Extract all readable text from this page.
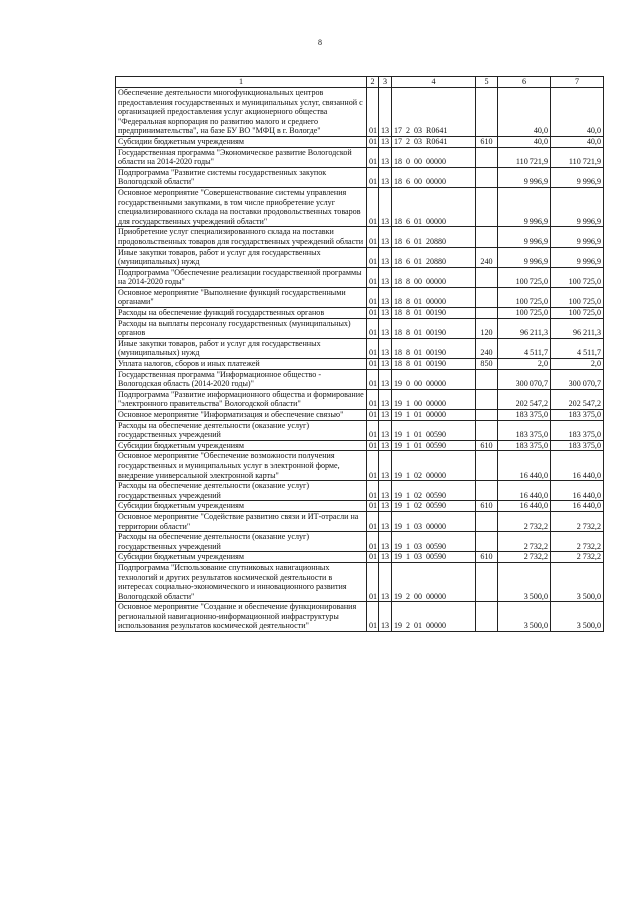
8
1	2	3	4	5	6	7
Обеспечение деятельности многофункциональных центров предоставления государственных и муниципальных услуг, связанной с организацией предоставления услуг акционерного общества "Федеральная корпорация по развитию малого и среднего предпринимательства", на базе БУ ВО "МФЦ в г. Вологде"	01	13	17  2  03  R0641		40,0	40,0
Субсидии бюджетным учреждениям	01	13	17  2  03  R0641	610	40,0	40,0
Государственная программа "Экономическое развитие Вологодской области на 2014-2020 годы"	01	13	18  0  00  00000		110 721,9	110 721,9
Подпрограмма "Развитие системы государственных закупок Вологодской области"	01	13	18  6  00  00000		9 996,9	9 996,9
Основное мероприятие "Совершенствование системы управления государственными закупками, в том числе приобретение услуг специализированного склада на поставки продовольственных товаров для государственных учреждений области"	01	13	18  6  01  00000		9 996,9	9 996,9
Приобретение услуг специализированного склада на поставки продовольственных товаров для государственных учреждений области	01	13	18  6  01  20880		9 996,9	9 996,9
Иные закупки товаров, работ и услуг для государственных (муниципальных) нужд	01	13	18  6  01  20880	240	9 996,9	9 996,9
Подпрограмма "Обеспечение реализации государственной программы на 2014-2020 годы"	01	13	18  8  00  00000		100 725,0	100 725,0
Основное мероприятие "Выполнение функций государственными органами"	01	13	18  8  01  00000		100 725,0	100 725,0
Расходы на обеспечение функций государственных органов	01	13	18  8  01  00190		100 725,0	100 725,0
Расходы на выплаты персоналу государственных (муниципальных) органов	01	13	18  8  01  00190	120	96 211,3	96 211,3
Иные закупки товаров, работ и услуг для государственных (муниципальных) нужд	01	13	18  8  01  00190	240	4 511,7	4 511,7
Уплата налогов, сборов и иных платежей	01	13	18  8  01  00190	850	2,0	2,0
Государственная программа "Информационное общество - Вологодская область (2014-2020 годы)"	01	13	19  0  00  00000		300 070,7	300 070,7
Подпрограмма "Развитие информационного общества и формирование "электронного правительства" Вологодской области"	01	13	19  1  00  00000		202 547,2	202 547,2
Основное мероприятие "Информатизация и обеспечение связью"	01	13	19  1  01  00000		183 375,0	183 375,0
Расходы на обеспечение деятельности (оказание услуг) государственных учреждений	01	13	19  1  01  00590		183 375,0	183 375,0
Субсидии бюджетным учреждениям	01	13	19  1  01  00590	610	183 375,0	183 375,0
Основное мероприятие "Обеспечение возможности получения государственных и муниципальных услуг в электронной форме, внедрение универсальной электронной карты"	01	13	19  1  02  00000		16 440,0	16 440,0
Расходы на обеспечение деятельности (оказание услуг) государственных учреждений	01	13	19  1  02  00590		16 440,0	16 440,0
Субсидии бюджетным учреждениям	01	13	19  1  02  00590	610	16 440,0	16 440,0
Основное мероприятие "Содействие развитию связи и ИТ-отрасли на территории области"	01	13	19  1  03  00000		2 732,2	2 732,2
Расходы на обеспечение деятельности (оказание услуг) государственных учреждений	01	13	19  1  03  00590		2 732,2	2 732,2
Субсидии бюджетным учреждениям	01	13	19  1  03  00590	610	2 732,2	2 732,2
Подпрограмма "Использование спутниковых навигационных технологий и других результатов космической деятельности в интересах социально-экономического и инновационного развития Вологодской области"	01	13	19  2  00  00000		3 500,0	3 500,0
Основное мероприятие "Создание и обеспечение функционирования региональной навигационно-информационной инфраструктуры использования результатов космической деятельности"	01	13	19  2  01  00000		3 500,0	3 500,0
